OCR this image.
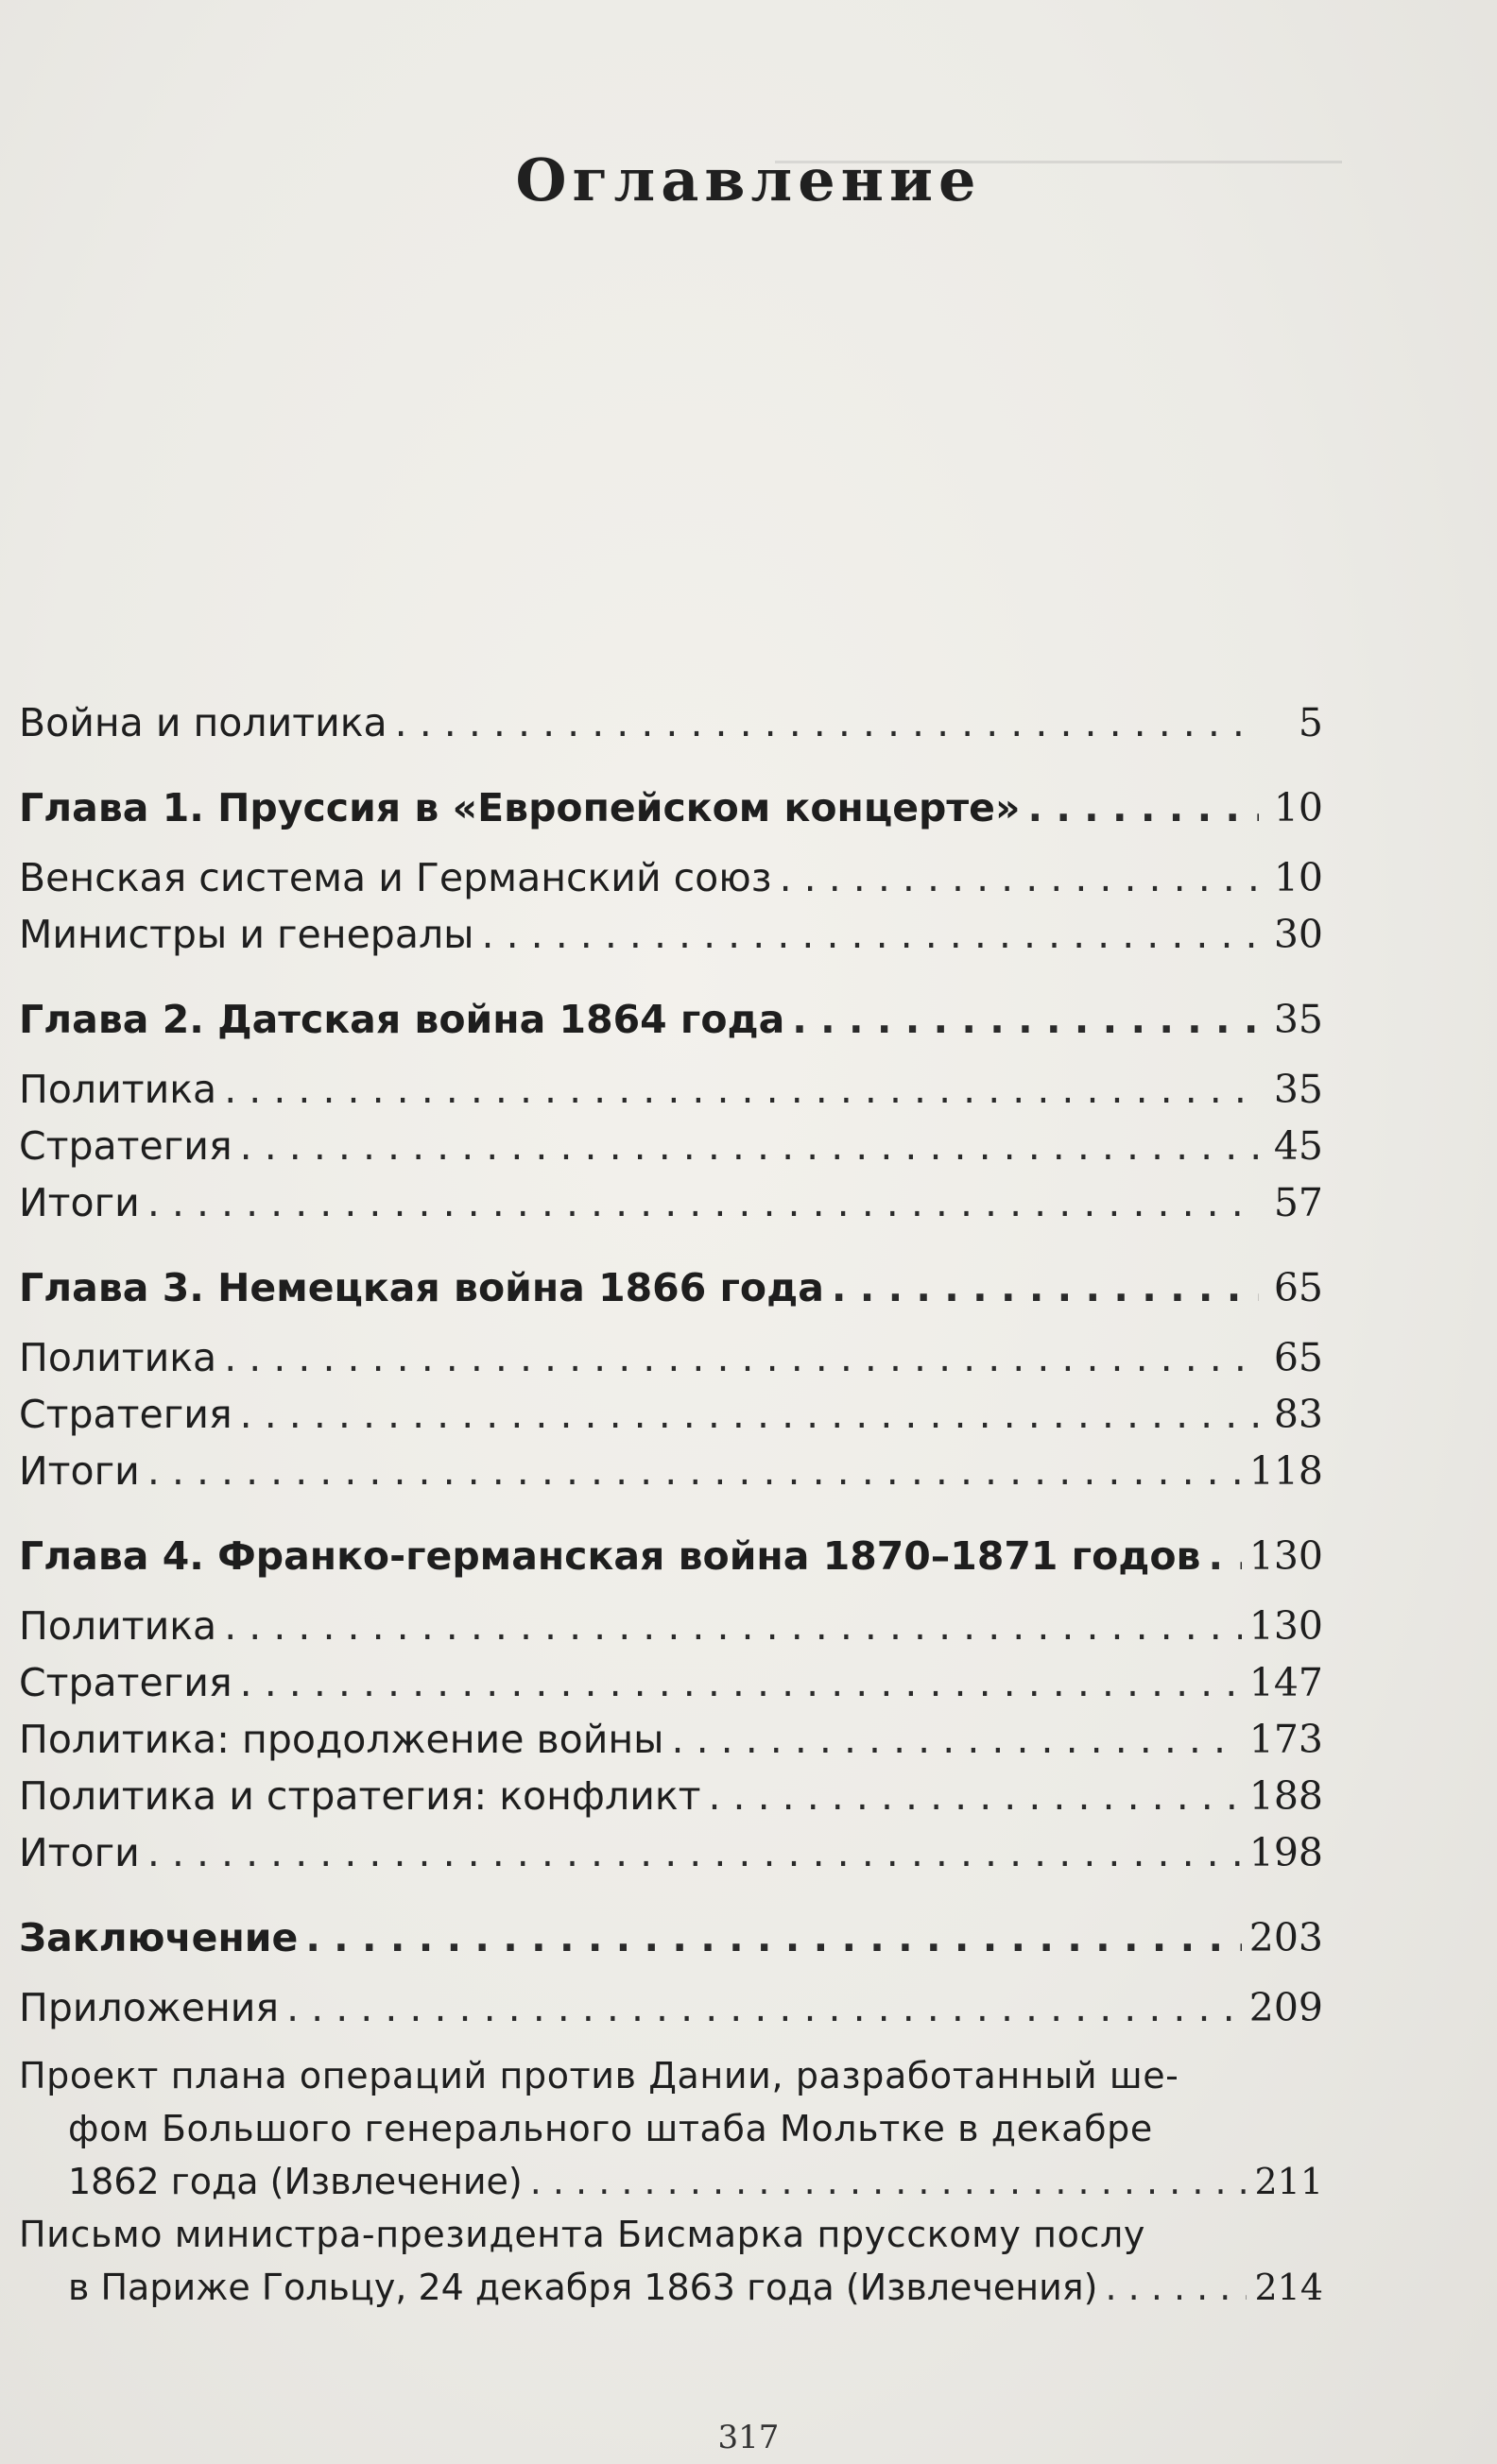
Оглавление
Война и политика . . .	5
Глава 1. Пруссия в «Европейском концерте» . . .	10
Венская система и Германский союз . . .	10
Министры и генералы . . .	30
Глава 2. Датская война 1864 года . . .	35
Политика . . .	35
Стратегия . . .	45
Итоги . . .	57
Глава 3. Немецкая война 1866 года . . .	65
Политика . . .	65
Стратегия . . .	83
Итоги . . .	118
Глава 4. Франко-германская война 1870–1871 годов . . . 130
Политика . . .	130
Стратегия . . .	147
Политика: продолжение войны . . .	173
Политика и стратегия: конфликт . . .	188
Итоги . . .	198
Заключение . . .	203
Приложения . . .	209
Проект плана операций против Дании, разработанный ше-
фом Большого генерального штаба Мольтке в декабре
1862 года (Извлечение) . . .	211
Письмо министра-президента Бисмарка прусскому послу
в Париже Гольцу, 24 декабря 1863 года (Извлечения) . . .	214
317
